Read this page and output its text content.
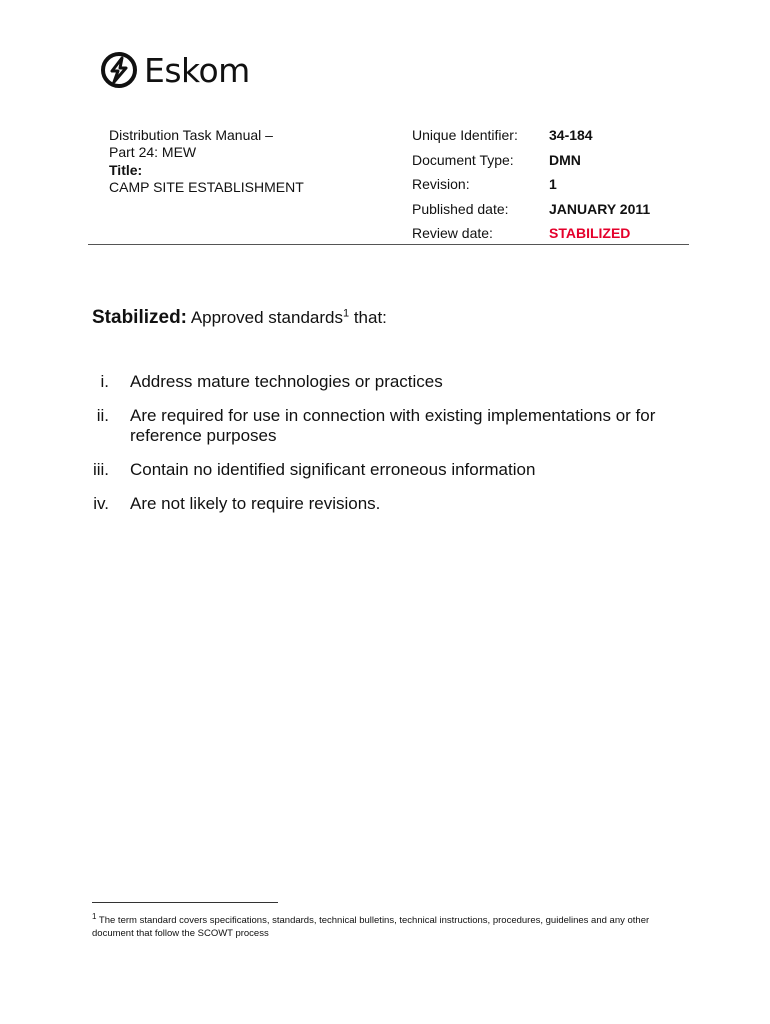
Eskom
Distribution Task Manual –
Part 24: MEW
Title:
CAMP SITE ESTABLISHMENT
Unique Identifier:	34-184
Document Type:	DMN
Revision:	1
Published date:	JANUARY 2011
Review date:	STABILIZED
Stabilized: Approved standards$^1$ that:
i.	Address mature technologies or practices
ii.	Are required for use in connection with existing implementations or for reference purposes
iii.	Contain no identified significant erroneous information
iv.	Are not likely to require revisions.
$^1$ The term standard covers specifications, standards, technical bulletins, technical instructions, procedures, guidelines and any other document that follow the SCOWT process
